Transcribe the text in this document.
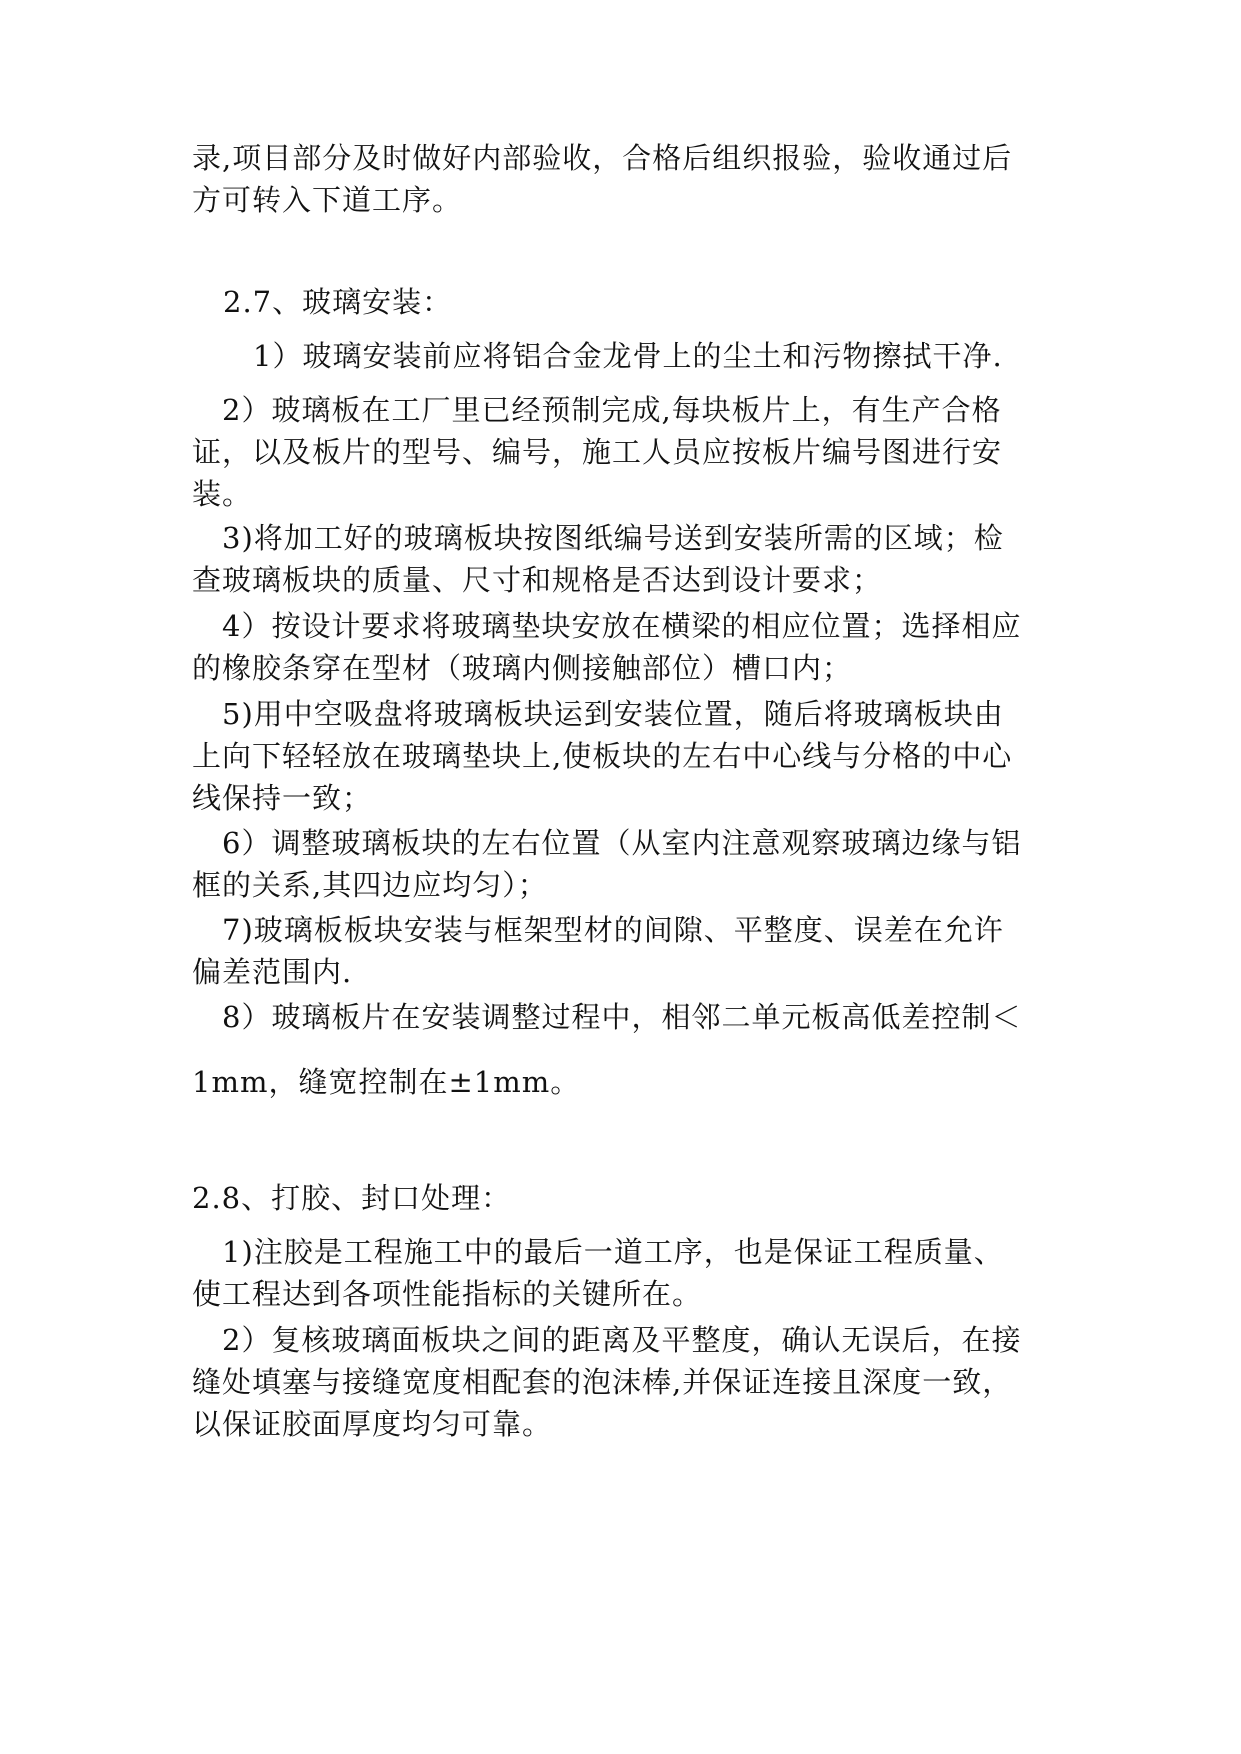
录,项目部分及时做好内部验收，合格后组织报验，验收通过后
方可转入下道工序。
2.7、玻璃安装：
1）玻璃安装前应将铝合金龙骨上的尘土和污物擦拭干净.
2）玻璃板在工厂里已经预制完成,每块板片上，有生产合格
证，以及板片的型号、编号，施工人员应按板片编号图进行安
装。
3)将加工好的玻璃板块按图纸编号送到安装所需的区域；检
查玻璃板块的质量、尺寸和规格是否达到设计要求；
4）按设计要求将玻璃垫块安放在横梁的相应位置；选择相应
的橡胶条穿在型材（玻璃内侧接触部位）槽口内；
5)用中空吸盘将玻璃板块运到安装位置，随后将玻璃板块由
上向下轻轻放在玻璃垫块上,使板块的左右中心线与分格的中心
线保持一致；
6）调整玻璃板块的左右位置（从室内注意观察玻璃边缘与铝
框的关系,其四边应均匀）；
7)玻璃板板块安装与框架型材的间隙、平整度、误差在允许
偏差范围内.
8）玻璃板片在安装调整过程中，相邻二单元板高低差控制＜
1mm，缝宽控制在±1mm。
2.8、打胶、封口处理：
1)注胶是工程施工中的最后一道工序，也是保证工程质量、
使工程达到各项性能指标的关键所在。
2）复核玻璃面板块之间的距离及平整度，确认无误后，在接
缝处填塞与接缝宽度相配套的泡沫棒,并保证连接且深度一致，
以保证胶面厚度均匀可靠。
